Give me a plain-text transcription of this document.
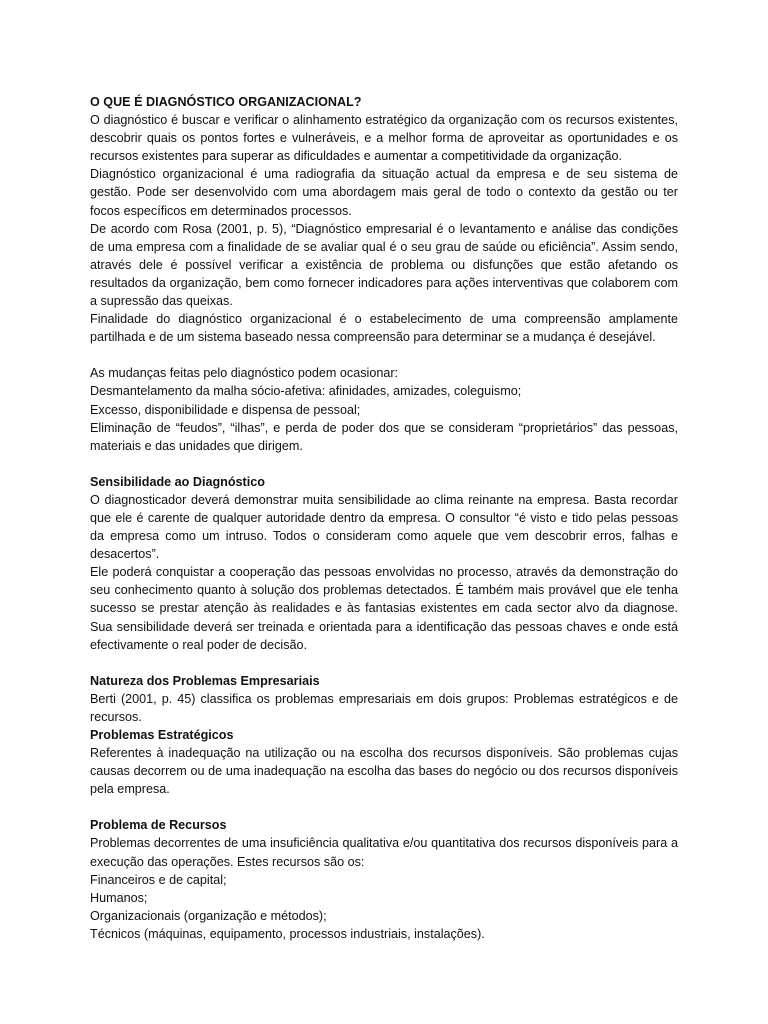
O QUE É DIAGNÓSTICO ORGANIZACIONAL?

O diagnóstico é buscar e verificar o alinhamento estratégico da organização com os recursos existentes, descobrir quais os pontos fortes e vulneráveis, e a melhor forma de aproveitar as oportunidades e os recursos existentes para superar as dificuldades e aumentar a competitividade da organização.

Diagnóstico organizacional é uma radiografia da situação actual da empresa e de seu sistema de gestão. Pode ser desenvolvido com uma abordagem mais geral de todo o contexto da gestão ou ter focos específicos em determinados processos.

De acordo com Rosa (2001, p. 5), “Diagnóstico empresarial é o levantamento e análise das condições de uma empresa com a finalidade de se avaliar qual é o seu grau de saúde ou eficiência”. Assim sendo, através dele é possível verificar a existência de problema ou disfunções que estão afetando os resultados da organização, bem como fornecer indicadores para ações interventivas que colaborem com a supressão das queixas.

Finalidade do diagnóstico organizacional é o estabelecimento de uma compreensão amplamente partilhada e de um sistema baseado nessa compreensão para determinar se a mudança é desejável.

As mudanças feitas pelo diagnóstico podem ocasionar:

Desmantelamento da malha sócio-afetiva: afinidades, amizades, coleguismo;

Excesso, disponibilidade e dispensa de pessoal;

Eliminação de “feudos”, “ilhas”, e perda de poder dos que se consideram “proprietários” das pessoas, materiais e das unidades que dirigem.

Sensibilidade ao Diagnóstico

O diagnosticador deverá demonstrar muita sensibilidade ao clima reinante na empresa. Basta recordar que ele é carente de qualquer autoridade dentro da empresa. O consultor “é visto e tido pelas pessoas da empresa como um intruso. Todos o consideram como aquele que vem descobrir erros, falhas e desacertos”.

Ele poderá conquistar a cooperação das pessoas envolvidas no processo, através da demonstração do seu conhecimento quanto à solução dos problemas detectados. É também mais provável que ele tenha sucesso se prestar atenção às realidades e às fantasias existentes em cada sector alvo da diagnose. Sua sensibilidade deverá ser treinada e orientada para a identificação das pessoas chaves e onde está efectivamente o real poder de decisão.

Natureza dos Problemas Empresariais

Berti (2001, p. 45) classifica os problemas empresariais em dois grupos: Problemas estratégicos e de recursos.

Problemas Estratégicos

Referentes à inadequação na utilização ou na escolha dos recursos disponíveis. São problemas cujas causas decorrem ou de uma inadequação na escolha das bases do negócio ou dos recursos disponíveis pela empresa.

Problema de Recursos

Problemas decorrentes de uma insuficiência qualitativa e/ou quantitativa dos recursos disponíveis para a execução das operações. Estes recursos são os:

Financeiros e de capital;

Humanos;

Organizacionais (organização e métodos);

Técnicos (máquinas, equipamento, processos industriais, instalações).
